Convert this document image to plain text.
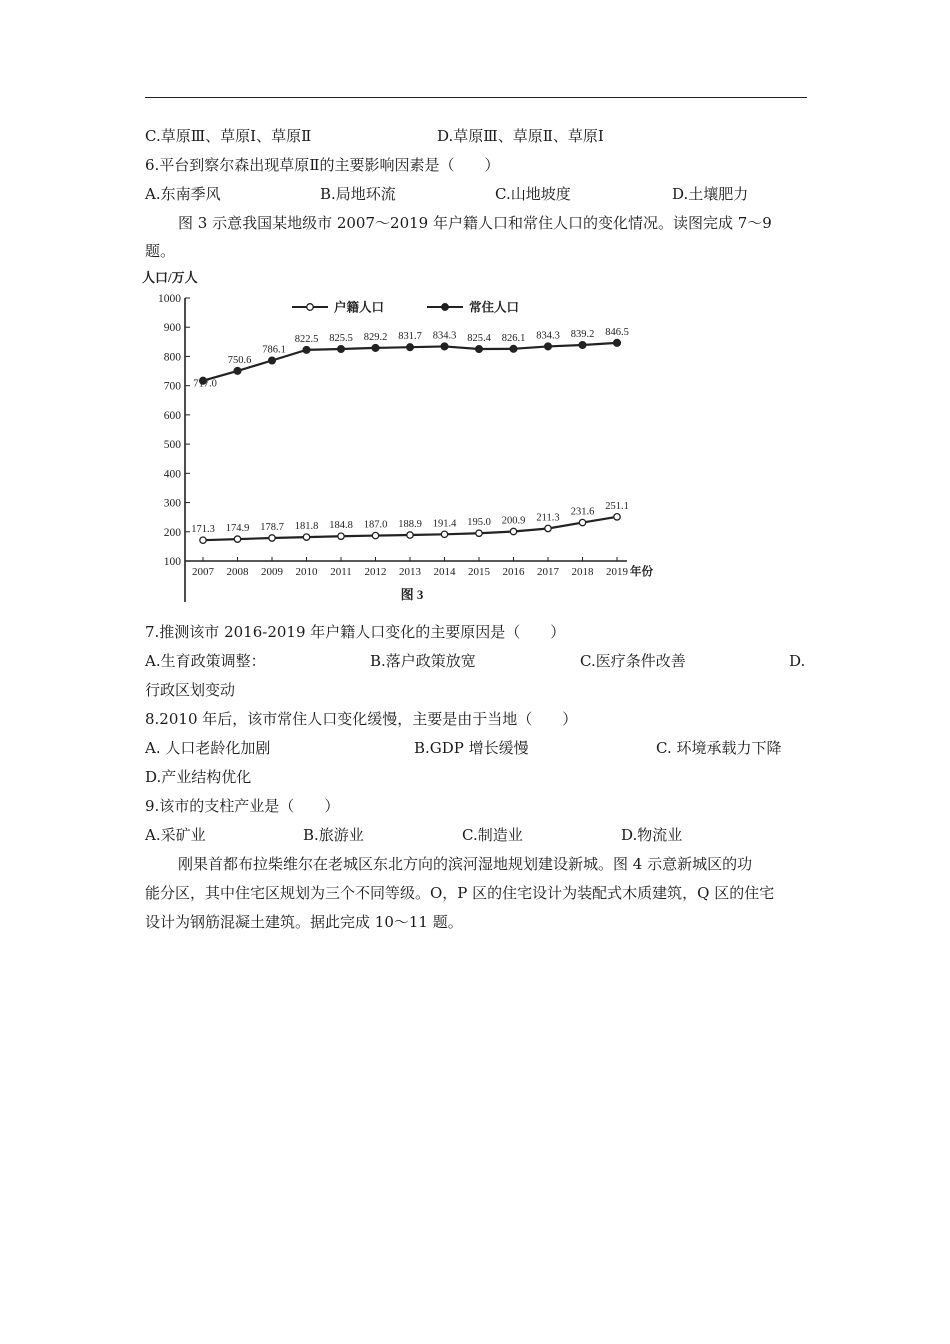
C.草原Ⅲ、草原Ⅰ、草原Ⅱ	D.草原Ⅲ、草原Ⅱ、草原Ⅰ
6.平台到察尔森出现草原Ⅱ的主要影响因素是（　　）
A.东南季风	B.局地环流	C.山地坡度	D.土壤肥力
图 3 示意我国某地级市 2007～2019 年户籍人口和常住人口的变化情况。读图完成 7～9
题。
人口/万人
1000
900
800
700
600
500
400
300
200
100
2007 2008 2009 2010 2011 2012 2013 2014 2015 2016 2017 2018 2019 年份
171.3 174.9 178.7 181.8 184.8 187.0 188.9 191.4 195.0 200.9 211.3
231.6
251.1
717.0
750.6
786.1
822.5 825.5 829.2 831.7 834.3 825.4 826.1 834.3 839.2 846.5
户籍人口	常住人口
图 3
7.推测该市 2016-2019 年户籍人口变化的主要原因是（　　）
A.生育政策调整：	B.落户政策放宽	C.医疗条件改善	D.
行政区划变动
8.2010 年后，该市常住人口变化缓慢，主要是由于当地（　　）
A. 人口老龄化加剧	B.GDP 增长缓慢	C. 环境承载力下降
D.产业结构优化
9.该市的支柱产业是（　　）
A.采矿业	B.旅游业	C.制造业	D.物流业
刚果首都布拉柴维尔在老城区东北方向的滨河湿地规划建设新城。图 4 示意新城区的功
能分区，其中住宅区规划为三个不同等级。O，P 区的住宅设计为装配式木质建筑，Q 区的住宅
设计为钢筋混凝土建筑。据此完成 10～11 题。
